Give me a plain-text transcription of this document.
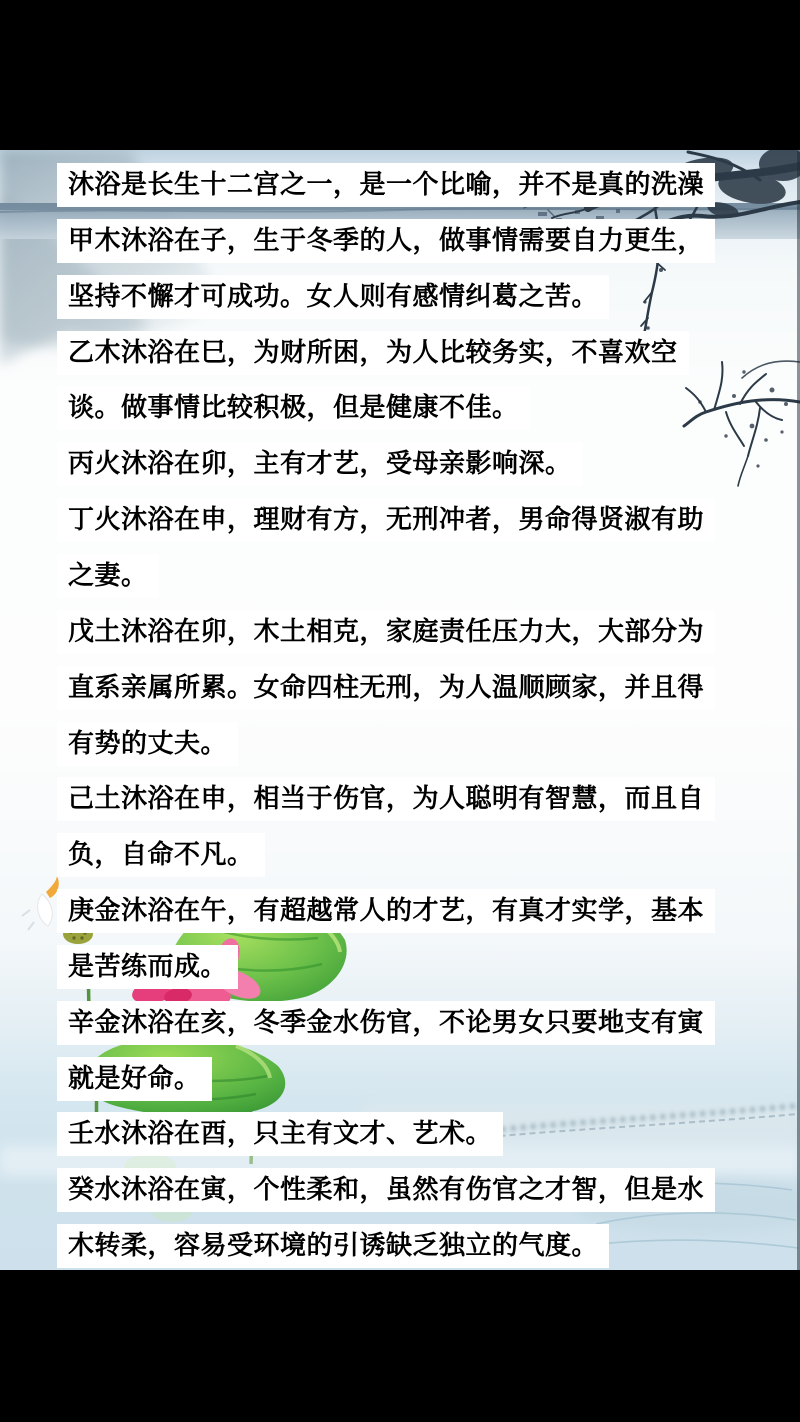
沐浴是长生十二宫之一，是一个比喻，并不是真的洗澡
甲木沐浴在子，生于冬季的人，做事情需要自力更生，
坚持不懈才可成功。女人则有感情纠葛之苦。
乙木沐浴在巳，为财所困，为人比较务实，不喜欢空
谈。做事情比较积极，但是健康不佳。
丙火沐浴在卯，主有才艺，受母亲影响深。
丁火沐浴在申，理财有方，无刑冲者，男命得贤淑有助
之妻。
戊土沐浴在卯，木土相克，家庭责任压力大，大部分为
直系亲属所累。女命四柱无刑，为人温顺顾家，并且得
有势的丈夫。
己土沐浴在申，相当于伤官，为人聪明有智慧，而且自
负，自命不凡。
庚金沐浴在午，有超越常人的才艺，有真才实学，基本
是苦练而成。
辛金沐浴在亥，冬季金水伤官，不论男女只要地支有寅
就是好命。
壬水沐浴在酉，只主有文才、艺术。
癸水沐浴在寅，个性柔和，虽然有伤官之才智，但是水
木转柔，容易受环境的引诱缺乏独立的气度。
